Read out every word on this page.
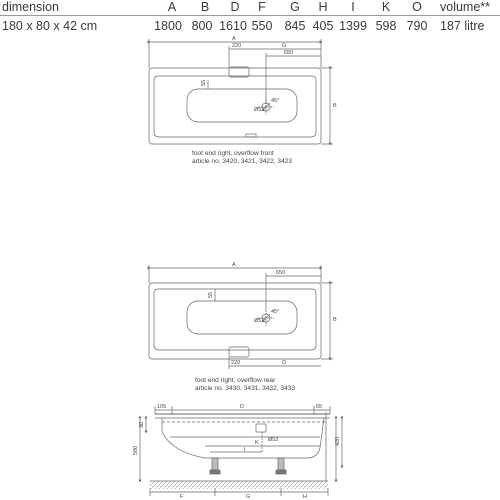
dimension	A	B	D	F	G	H	I	K	O	volume**
180 x 80 x 42 cm	1800 800 1610 550 845 405 1399 598 790	187 litre
A
220	G
650
B
55
Ø52
45°
A
650
220	O
B
55
Ø52
45°
105	D	65
30
580
Ø52
K	420
I
F	G	H
foot end right, overflow front
article no. 3420, 3421, 3422, 3423
foot end right, overflow rear
article no. 3430, 3431, 3432, 3433
